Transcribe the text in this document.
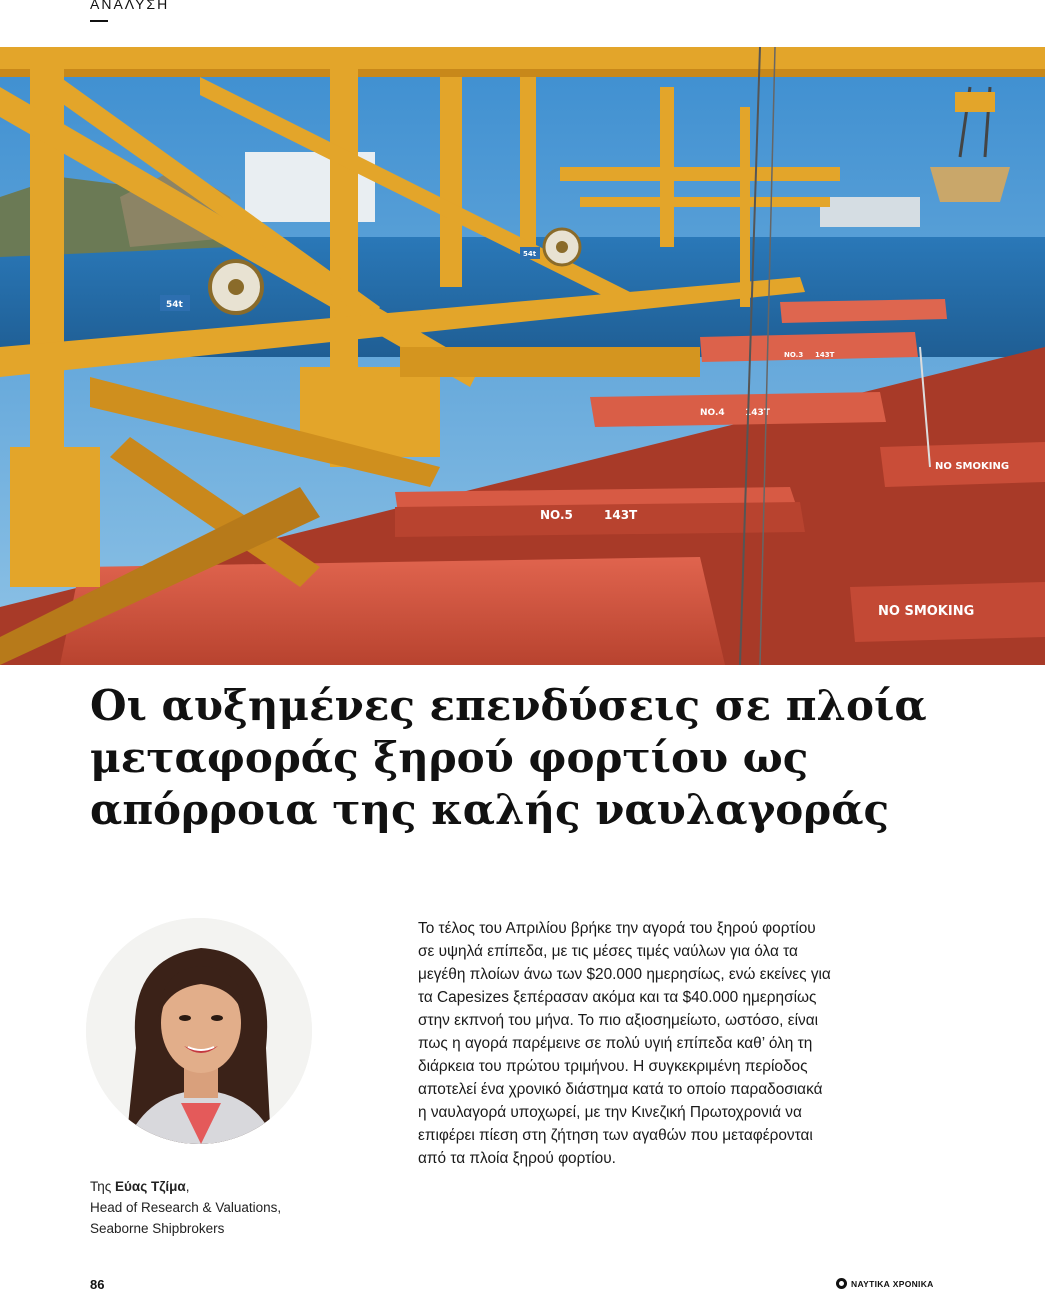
ΑΝΑΛΥΣΗ
NO.5	143T
NO.4 143T
NO.3 143T
NO SMOKING
NO SMOKING
54t
54t
Οι αυξημένες επενδύσεις σε πλοία
μεταφοράς ξηρού φορτίου ως
απόρροια της καλής ναυλαγοράς
Της Εύας Τζίμα,
Head of Research & Valuations,
Seaborne Shipbrokers
Το τέλος του Απριλίου βρήκε την αγορά του ξηρού φορτίου
σε υψηλά επίπεδα, με τις μέσες τιμές ναύλων για όλα τα
μεγέθη πλοίων άνω των $20.000 ημερησίως, ενώ εκείνες για
τα Capesizes ξεπέρασαν ακόμα και τα $40.000 ημερησίως
στην εκπνοή του μήνα. Το πιο αξιοσημείωτο, ωστόσο, είναι
πως η αγορά παρέμεινε σε πολύ υγιή επίπεδα καθ’ όλη τη
διάρκεια του πρώτου τριμήνου. Η συγκεκριμένη περίοδος
αποτελεί ένα χρονικό διάστημα κατά το οποίο παραδοσιακά
η ναυλαγορά υποχωρεί, με την Κινεζική Πρωτοχρονιά να
επιφέρει πίεση στη ζήτηση των αγαθών που μεταφέρονται
από τα πλοία ξηρού φορτίου.
86	ΝΑΥΤΙΚΑ ΧΡΟΝΙΚΑ
